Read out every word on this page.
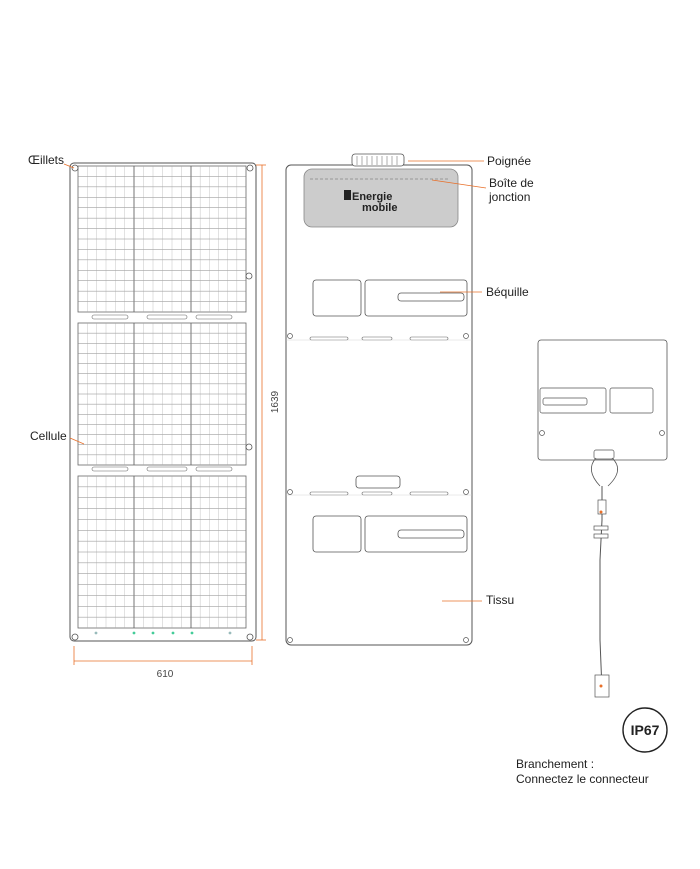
1639
610
Œillets
Cellule
Energie
mobile
Poignée
Boîte de
jonction
Béquille
Tissu
IP67
Branchement :
Connectez le connecteur
